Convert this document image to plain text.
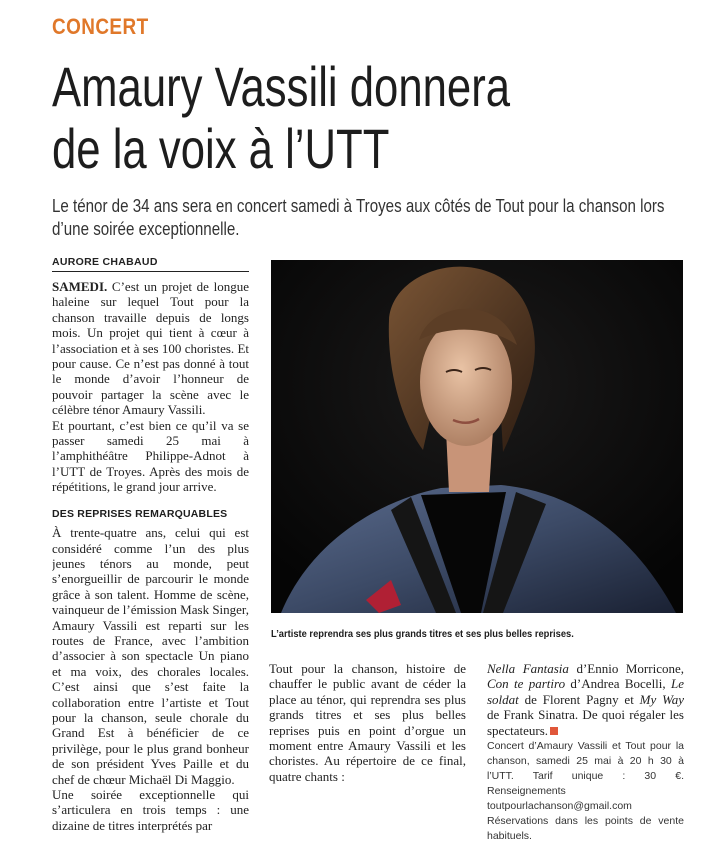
CONCERT
Amaury Vassili donnera
de la voix à l’UTT
Le ténor de 34 ans sera en concert samedi à Troyes aux côtés de Tout pour la chanson lors d’une soirée exceptionnelle.
AURORE CHABAUD

SAMEDI. C’est un projet de longue haleine sur lequel Tout pour la chanson travaille depuis de longs mois. Un projet qui tient à cœur à l’association et à ses 100 choristes. Et pour cause. Ce n’est pas donné à tout le monde d’avoir l’honneur de pouvoir partager la scène avec le célèbre ténor Amaury Vassili.

Et pourtant, c’est bien ce qu’il va se passer samedi 25 mai à l’amphithéâtre Philippe-Adnot à l’UTT de Troyes. Après des mois de répétitions, le grand jour arrive.

DES REPRISES REMARQUABLES

À trente-quatre ans, celui qui est considéré comme l’un des plus jeunes ténors au monde, peut s’enorgueillir de parcourir le monde grâce à son talent. Homme de scène, vainqueur de l’émission Mask Singer, Amaury Vassili est reparti sur les routes de France, avec l’ambition d’associer à son spectacle Un piano et ma voix, des chorales locales. C’est ainsi que s’est faite la collaboration entre l’artiste et Tout pour la chanson, seule chorale du Grand Est à bénéficier de ce privilège, pour le plus grand bonheur de son président Yves Paille et du chef de chœur Michaël Di Maggio.

Une soirée exceptionnelle qui s’articulera en trois temps : une dizaine de titres interprétés par

L’artiste reprendra ses plus grands titres et ses plus belles reprises.

Tout pour la chanson, histoire de chauffer le public avant de céder la place au ténor, qui reprendra ses plus grands titres et ses plus belles reprises puis en point d’orgue un moment entre Amaury Vassili et les choristes. Au répertoire de ce final, quatre chants :

Nella Fantasia d’Ennio Morricone, Con te partiro d’Andrea Bocelli, Le soldat de Florent Pagny et My Way de Frank Sinatra. De quoi régaler les spectateurs.

Concert d’Amaury Vassili et Tout pour la chanson, samedi 25 mai à 20 h 30 à l’UTT. Tarif unique : 30 €. Renseignements toutpourlachanson@gmail.com Réservations dans les points de vente habituels.
